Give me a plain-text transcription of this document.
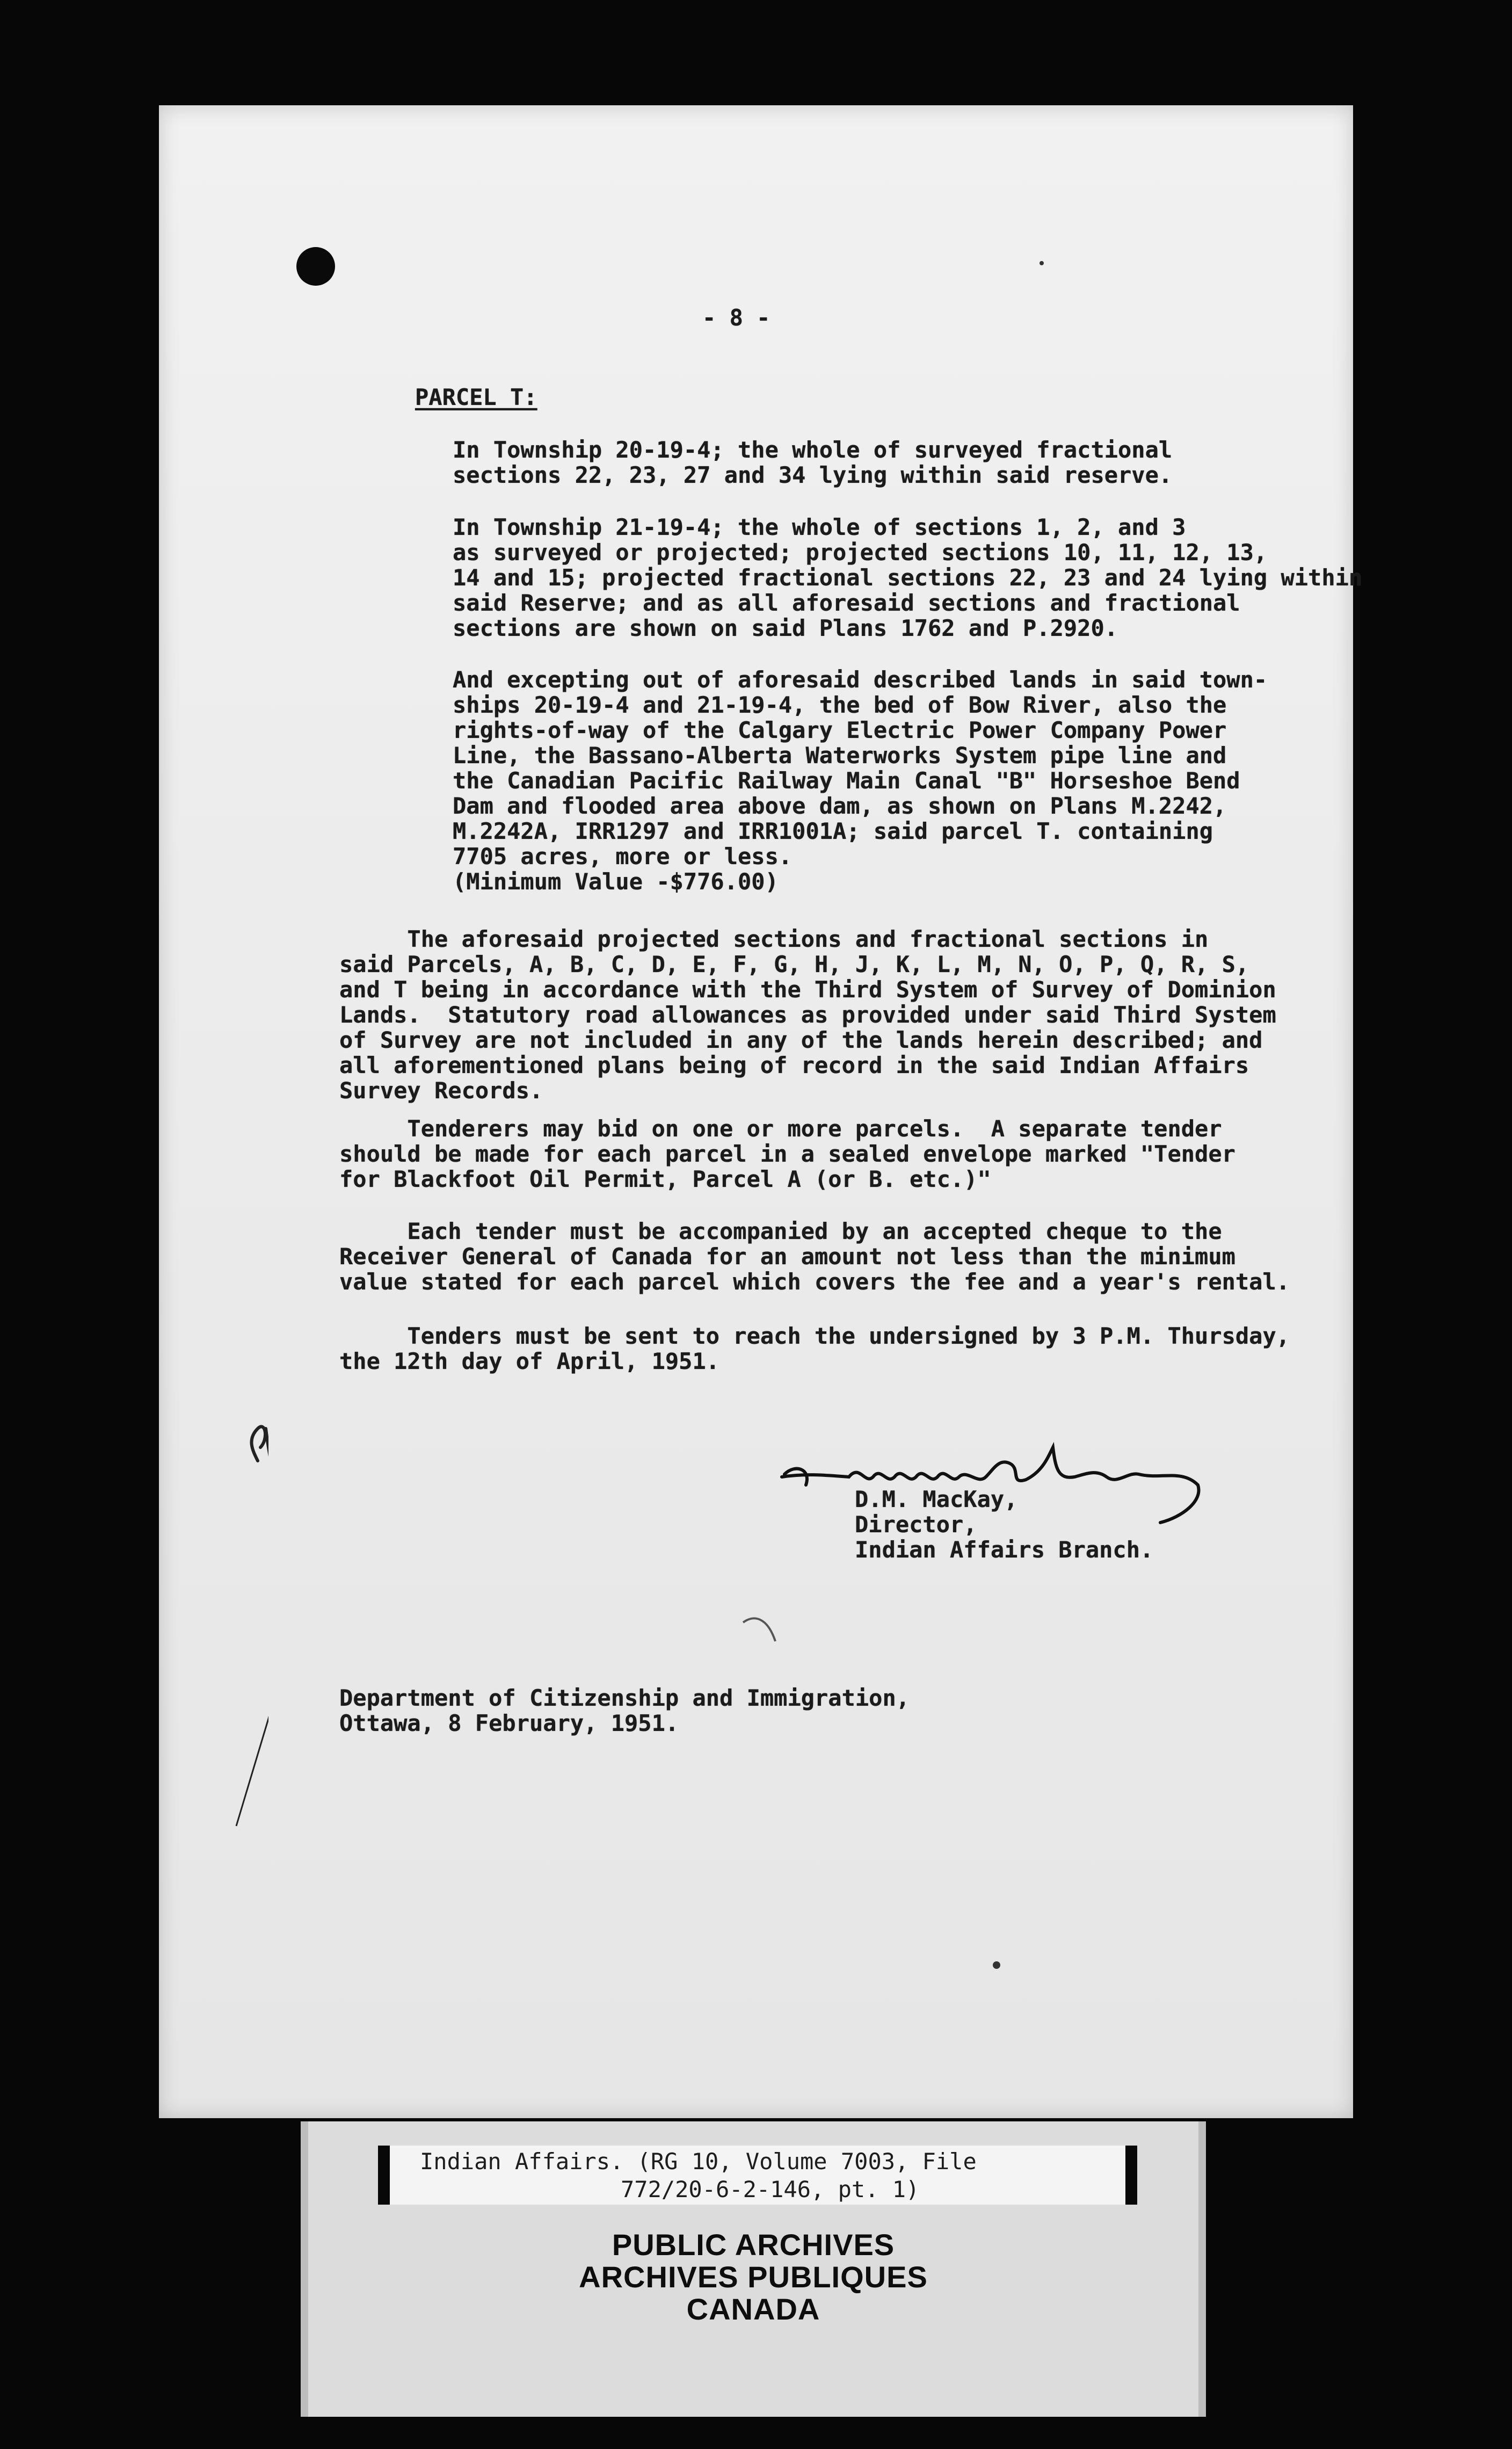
- 8 -
PARCEL T:
In Township 20-19-4; the whole of surveyed fractional
sections 22, 23, 27 and 34 lying within said reserve.
In Township 21-19-4; the whole of sections 1, 2, and 3
as surveyed or projected; projected sections 10, 11, 12, 13,
14 and 15; projected fractional sections 22, 23 and 24 lying within
said Reserve; and as all aforesaid sections and fractional
sections are shown on said Plans 1762 and P.2920.
And excepting out of aforesaid described lands in said town-
ships 20-19-4 and 21-19-4, the bed of Bow River, also the
rights-of-way of the Calgary Electric Power Company Power
Line, the Bassano-Alberta Waterworks System pipe line and
the Canadian Pacific Railway Main Canal "B" Horseshoe Bend
Dam and flooded area above dam, as shown on Plans M.2242,
M.2242A, IRR1297 and IRR1001A; said parcel T. containing
7705 acres, more or less.
(Minimum Value -$776.00)
The aforesaid projected sections and fractional sections in
said Parcels, A, B, C, D, E, F, G, H, J, K, L, M, N, O, P, Q, R, S,
and T being in accordance with the Third System of Survey of Dominion
Lands.  Statutory road allowances as provided under said Third System
of Survey are not included in any of the lands herein described; and
all aforementioned plans being of record in the said Indian Affairs
Survey Records.
Tenderers may bid on one or more parcels.  A separate tender
should be made for each parcel in a sealed envelope marked "Tender
for Blackfoot Oil Permit, Parcel A (or B. etc.)"
Each tender must be accompanied by an accepted cheque to the
Receiver General of Canada for an amount not less than the minimum
value stated for each parcel which covers the fee and a year's rental.
Tenders must be sent to reach the undersigned by 3 P.M. Thursday,
the 12th day of April, 1951.
D.M. MacKay,
Director,
Indian Affairs Branch.
Department of Citizenship and Immigration,
Ottawa, 8 February, 1951.
Indian Affairs. (RG 10, Volume 7003, File
772/20-6-2-146, pt. 1)
PUBLIC ARCHIVES
ARCHIVES PUBLIQUES
CANADA
